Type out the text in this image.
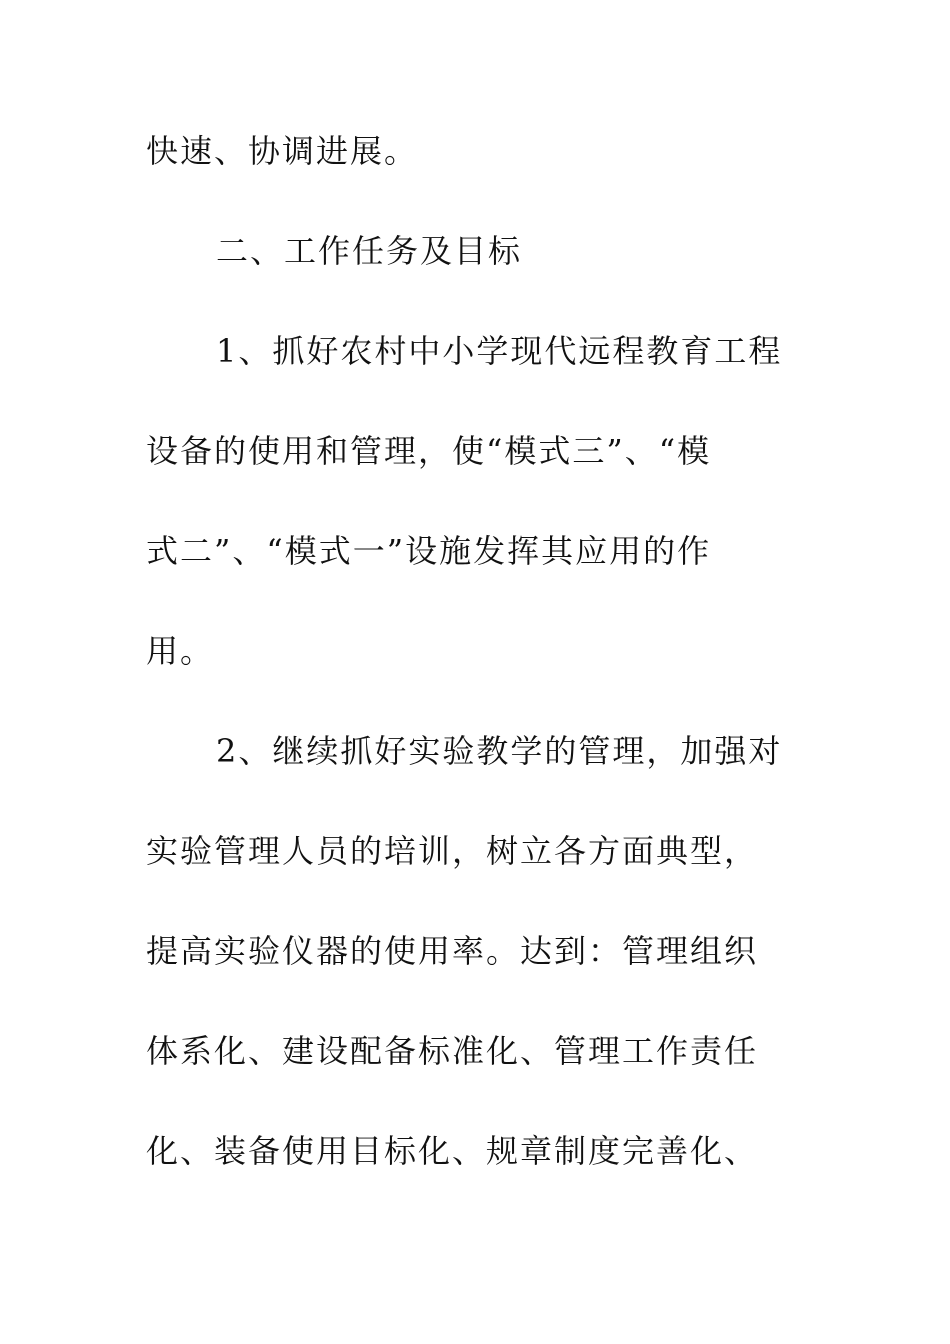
快速、协调进展。

二、工作任务及目标

1、抓好农村中小学现代远程教育工程

设备的使用和管理，使“模式三”、“模

式二”、“模式一”设施发挥其应用的作

用。

2、继续抓好实验教学的管理，加强对

实验管理人员的培训，树立各方面典型，

提高实验仪器的使用率。达到：管理组织

体系化、建设配备标准化、管理工作责任

化、装备使用目标化、规章制度完善化、
